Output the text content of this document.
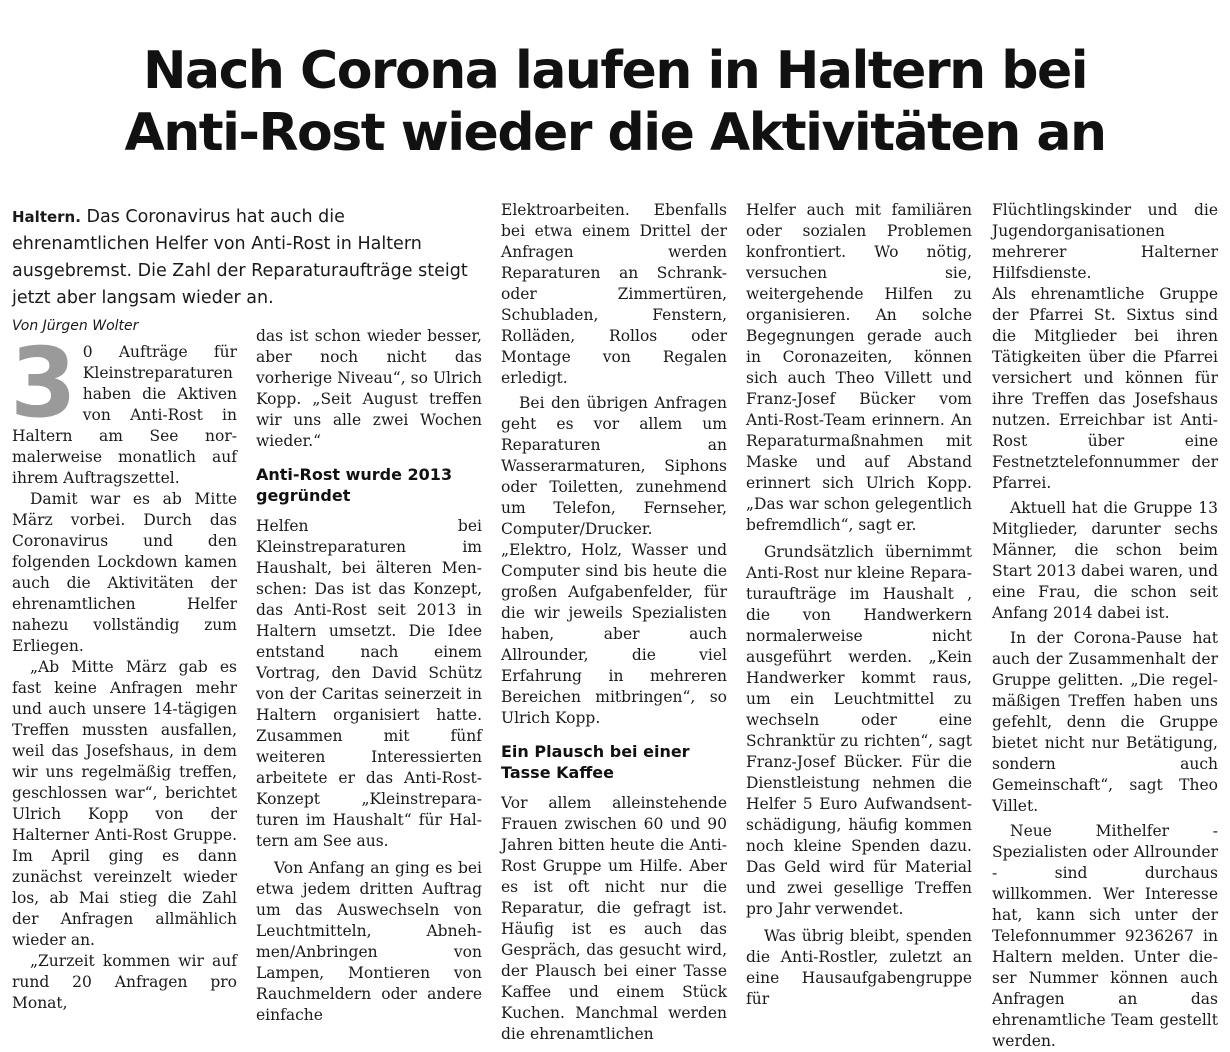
Nach Corona laufen in Haltern bei
Anti-Rost wieder die Aktivitäten an
Haltern. Das Coronavirus hat auch die ehrenamtlichen Helfer von Anti-Rost in Haltern ausgebremst. Die Zahl der Reparaturaufträge steigt jetzt aber langsam wieder an.
Von Jürgen Wolter
3 0 Aufträge für Kleinstreparaturen haben die Aktiven von Anti-Rost in Haltern am See normalerweise monatlich auf ihrem Auftragszettel.

Damit war es ab Mitte März vorbei. Durch das Coronavirus und den folgenden Lockdown kamen auch die Aktivitäten der ehrenamtlichen Helfer nahezu vollständig zum Erliegen.

„Ab Mitte März gab es fast keine Anfragen mehr und auch unsere 14-tägigen Treffen mussten ausfallen, weil das Josefshaus, in dem wir uns regelmäßig treffen, geschlossen war“, berichtet Ulrich Kopp von der Halterner Anti-Rost Gruppe. Im April ging es dann zunächst vereinzelt wieder los, ab Mai stieg die Zahl der Anfragen allmählich wieder an.

„Zurzeit kommen wir auf rund 20 Anfragen pro Monat,

das ist schon wieder besser, aber noch nicht das vorherige Niveau“, so Ulrich Kopp. „Seit August treffen wir uns alle zwei Wochen wieder.“

Anti-Rost wurde 2013 gegründet

Helfen bei Kleinstreparaturen im Haushalt, bei älteren Menschen: Das ist das Konzept, das Anti-Rost seit 2013 in Haltern umsetzt. Die Idee entstand nach einem Vortrag, den David Schütz von der Caritas seinerzeit in Haltern organisiert hatte. Zusammen mit fünf weiteren Interessierten arbeitete er das Anti-Rost-Konzept „Kleinstreparaturen im Haushalt“ für Haltern am See aus.

Von Anfang an ging es bei etwa jedem dritten Auftrag um das Auswechseln von Leuchtmitteln, Abnehmen/Anbringen von Lampen, Montieren von Rauchmeldern oder andere einfache

Elektroarbeiten. Ebenfalls bei etwa einem Drittel der Anfragen werden Reparaturen an Schrank- oder Zimmertüren, Schubladen, Fenstern, Rolläden, Rollos oder Montage von Regalen erledigt.

Bei den übrigen Anfragen geht es vor allem um Reparaturen an Wasserarmaturen, Siphons oder Toiletten, zunehmend um Telefon, Fernseher, Computer/Drucker. „Elektro, Holz, Wasser und Computer sind bis heute die großen Aufgabenfelder, für die wir jeweils Spezialisten haben, aber auch Allrounder, die viel Erfahrung in mehreren Bereichen mitbringen“, so Ulrich Kopp.

Ein Plausch bei einer Tasse Kaffee

Vor allem alleinstehende Frauen zwischen 60 und 90 Jahren bitten heute die Anti-Rost Gruppe um Hilfe. Aber es ist oft nicht nur die Reparatur, die gefragt ist. Häufig ist es auch das Gespräch, das gesucht wird, der Plausch bei einer Tasse Kaffee und einem Stück Kuchen. Manchmal werden die ehrenamtlichen

Helfer auch mit familiären oder sozialen Problemen konfrontiert. Wo nötig, versuchen sie, weitergehende Hilfen zu organisieren. An solche Begegnungen gerade auch in Coronazeiten, können sich auch Theo Villett und Franz-Josef Bücker vom Anti-Rost-Team erinnern. An Reparaturmaßnahmen mit Maske und auf Abstand erinnert sich Ulrich Kopp. „Das war schon gelegentlich befremdlich“, sagt er.

Grundsätzlich übernimmt Anti-Rost nur kleine Reparaturaufträge im Haushalt , die von Handwerkern normalerweise nicht ausgeführt werden. „Kein Handwerker kommt raus, um ein Leuchtmittel zu wechseln oder eine Schranktür zu richten“, sagt Franz-Josef Bücker. Für die Dienstleistung nehmen die Helfer 5 Euro Aufwandsentschädigung, häufig kommen noch kleine Spenden dazu. Das Geld wird für Material und zwei gesellige Treffen pro Jahr verwendet.

Was übrig bleibt, spenden die Anti-Rostler, zuletzt an eine Hausaufgabengruppe für

Flüchtlingskinder und die Jugendorganisationen mehrerer Halterner Hilfsdienste.

Als ehrenamtliche Gruppe der Pfarrei St. Sixtus sind die Mitglieder bei ihren Tätigkeiten über die Pfarrei versichert und können für ihre Treffen das Josefshaus nutzen. Erreichbar ist Anti-Rost über eine Festnetztelefonnummer der Pfarrei.

Aktuell hat die Gruppe 13 Mitglieder, darunter sechs Männer, die schon beim Start 2013 dabei waren, und eine Frau, die schon seit Anfang 2014 dabei ist.

In der Corona-Pause hat auch der Zusammenhalt der Gruppe gelitten. „Die regelmäßigen Treffen haben uns gefehlt, denn die Gruppe bietet nicht nur Betätigung, sondern auch Gemeinschaft“, sagt Theo Villet.

Neue Mithelfer - Spezialisten oder Allrounder - sind durchaus willkommen. Wer Interesse hat, kann sich unter der Telefonnummer 9236267 in Haltern melden. Unter dieser Nummer können auch Anfragen an das ehrenamtliche Team gestellt werden.
